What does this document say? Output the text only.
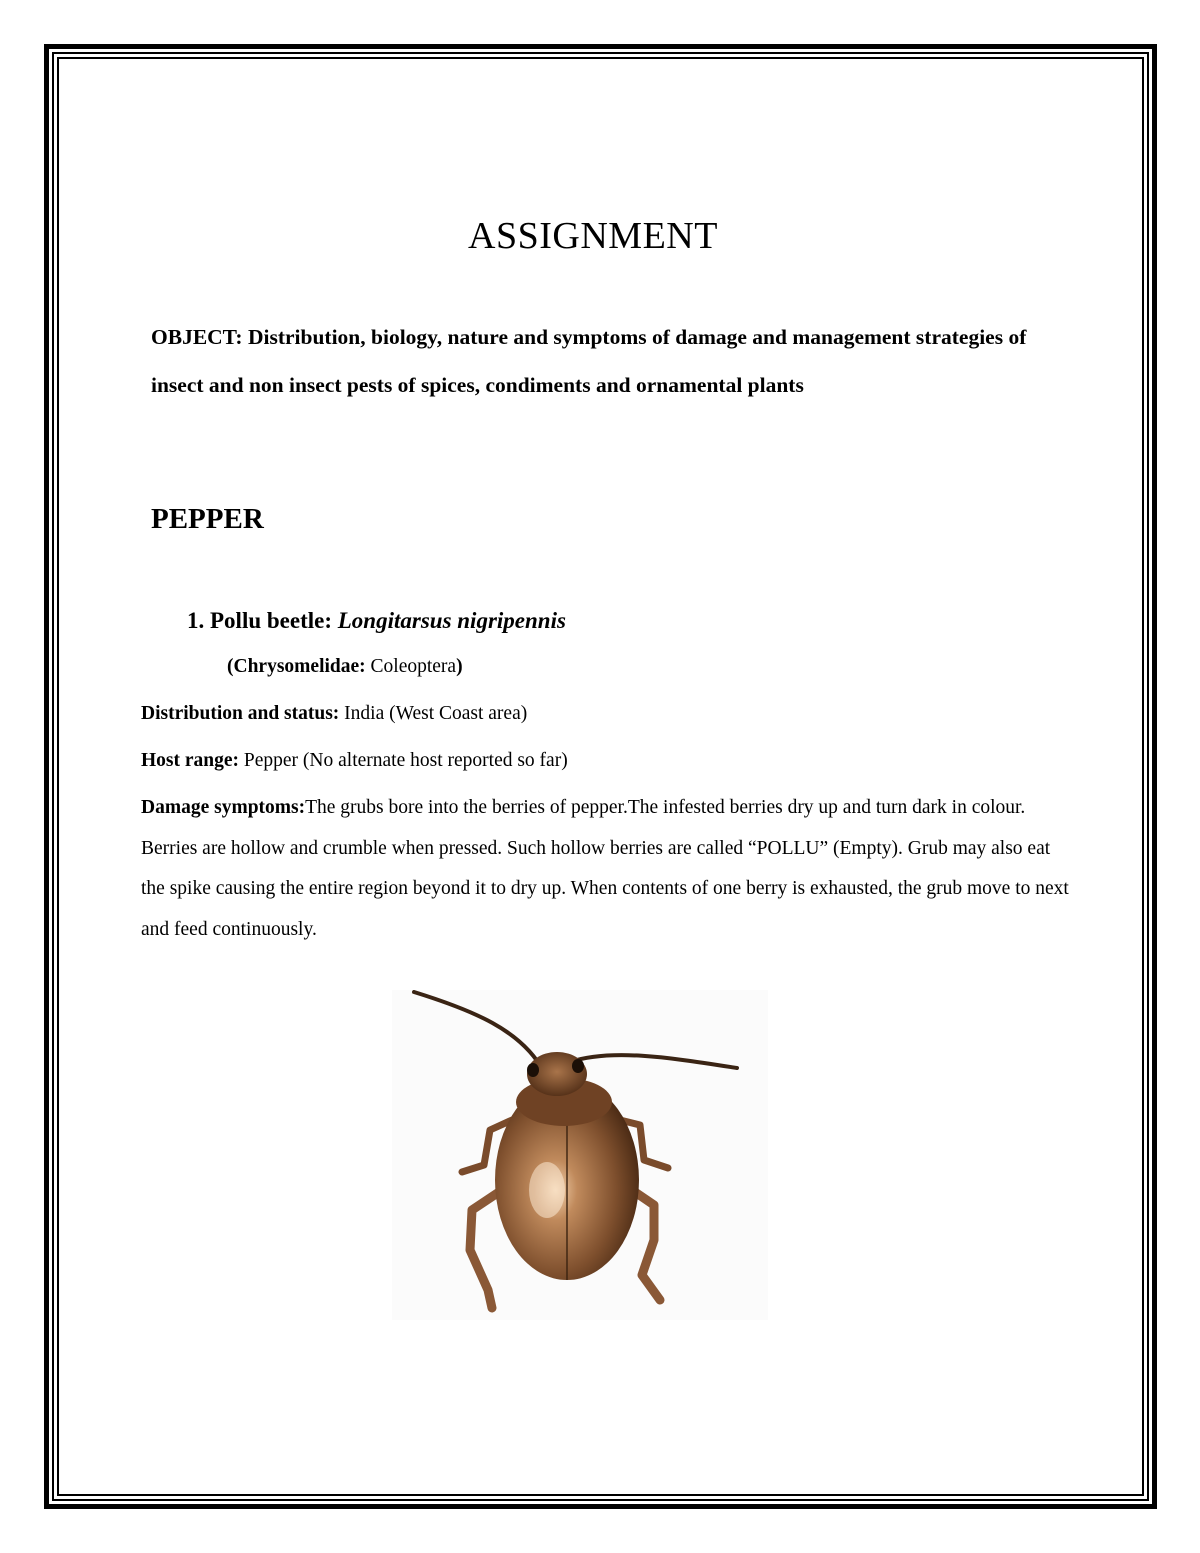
ASSIGNMENT
OBJECT: Distribution, biology, nature and symptoms of damage and management strategies of insect and non insect pests of spices, condiments and ornamental plants
PEPPER
1. Pollu beetle: Longitarsus nigripennis
(Chrysomelidae: Coleoptera)
Distribution and status: India (West Coast area)
Host range: Pepper (No alternate host reported so far)
Damage symptoms:The grubs bore into the berries of pepper.The infested berries dry up and turn dark in colour. Berries are hollow and crumble when pressed. Such hollow berries are called “POLLU” (Empty). Grub may also eat the spike causing the entire region beyond it to dry up. When contents of one berry is exhausted, the grub move to next and feed continuously.
